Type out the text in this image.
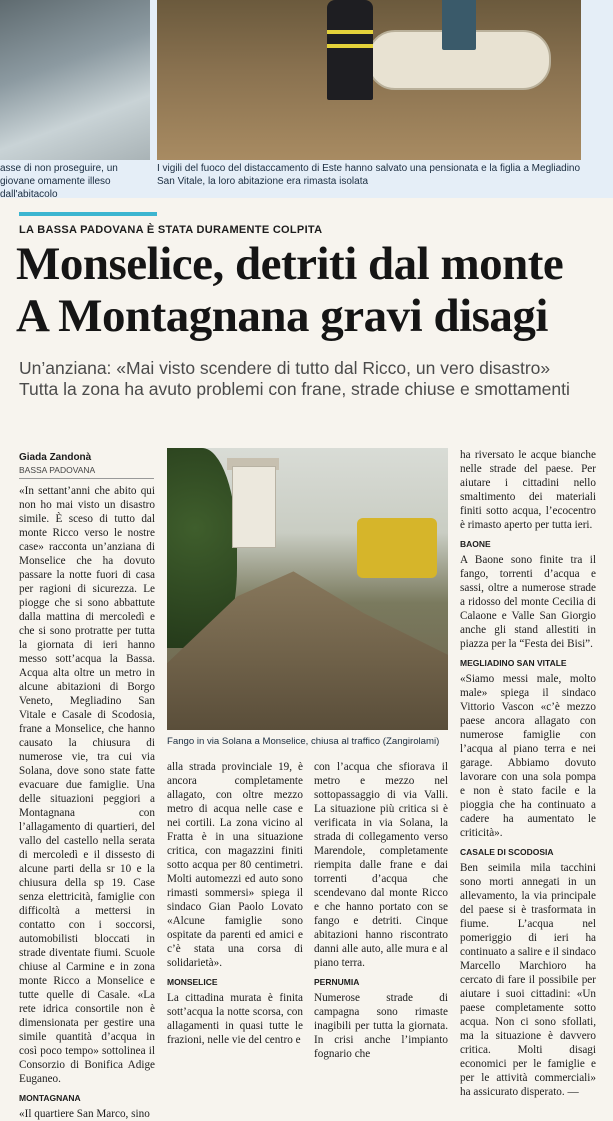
asse di non proseguire, un giovane omamente illeso dall'abitacolo
I vigili del fuoco del distaccamento di Este hanno salvato una pensionata e la figlia a Megliadino San Vitale, la loro abitazione era rimasta isolata
LA BASSA PADOVANA È STATA DURAMENTE COLPITA
Monselice, detriti dal monte
A Montagnana gravi disagi
Un’anziana: «Mai visto scendere di tutto dal Ricco, un vero disastro»
Tutta la zona ha avuto problemi con frane, strade chiuse e smottamenti
Giada Zandonà
BASSA PADOVANA

«In settant’anni che abito qui non ho mai visto un disastro simile. È sceso di tutto dal monte Ricco verso le nostre case» racconta un’anziana di Monselice che ha dovuto passare la notte fuori di casa per ragioni di sicurezza. Le piogge che si sono abbattute dalla mattina di mercoledì e che si sono protratte per tutta la giornata di ieri hanno messo sott’acqua la Bassa. Acqua alta oltre un metro in alcune abitazioni di Borgo Veneto, Megliadino San Vitale e Casale di Scodosia, frane a Monselice, che hanno causato la chiusura di numerose vie, tra cui via Solana, dove sono state fatte evacuare due famiglie. Una delle situazioni peggiori a Montagnana con l’allagamento di quartieri, del vallo del castello nella serata di mercoledì e il dissesto di alcune parti della sr 10 e la chiusura della sp 19. Case senza elettricità, famiglie con difficoltà a mettersi in contatto con i soccorsi, automobilisti bloccati in strade diventate fiumi. Scuole chiuse al Carmine e in zona monte Ricco a Monselice e tutte quelle di Casale. «La rete idrica consortile non è dimensionata per gestire una simile quantità d’acqua in così poco tempo» sottolinea il Consorzio di Bonifica Adige Euganeo.

MONTAGNANA

«Il quartiere San Marco, sino

Fango in via Solana a Monselice, chiusa al traffico (Zangirolami)

alla strada provinciale 19, è ancora completamente allagato, con oltre mezzo metro di acqua nelle case e nei cortili. La zona vicino al Fratta è in una situazione critica, con magazzini finiti sotto acqua per 80 centimetri. Molti automezzi ed auto sono rimasti sommersi» spiega il sindaco Gian Paolo Lovato «Alcune famiglie sono ospitate da parenti ed amici e c’è stata una corsa di solidarietà».

MONSELICE

La cittadina murata è finita sott’acqua la notte scorsa, con allagamenti in quasi tutte le frazioni, nelle vie del centro e

con l’acqua che sfiorava il metro e mezzo nel sottopassaggio di via Valli. La situazione più critica si è verificata in via Solana, la strada di collegamento verso Marendole, completamente riempita dalle frane e dai torrenti d’acqua che scendevano dal monte Ricco e che hanno portato con se fango e detriti. Cinque abitazioni hanno riscontrato danni alle auto, alle mura e al piano terra.

PERNUMIA

Numerose strade di campagna sono rimaste inagibili per tutta la giornata. In crisi anche l’impianto fognario che

ha riversato le acque bianche nelle strade del paese. Per aiutare i cittadini nello smaltimento dei materiali finiti sotto acqua, l’ecocentro è rimasto aperto per tutta ieri.

BAONE

A Baone sono finite tra il fango, torrenti d’acqua e sassi, oltre a numerose strade a ridosso del monte Cecilia di Calaone e Valle San Giorgio anche gli stand allestiti in piazza per la “Festa dei Bisi”.

MEGLIADINO SAN VITALE

«Siamo messi male, molto male» spiega il sindaco Vittorio Vascon «c’è mezzo paese ancora allagato con numerose famiglie con l’acqua al piano terra e nei garage. Abbiamo dovuto lavorare con una sola pompa e non è stato facile e la pioggia che ha continuato a cadere ha aumentato le criticità».

CASALE DI SCODOSIA

Ben seimila mila tacchini sono morti annegati in un allevamento, la via principale del paese si è trasformata in fiume. L’acqua nel pomeriggio di ieri ha continuato a salire e il sindaco Marcello Marchioro ha cercato di fare il possibile per aiutare i suoi cittadini: «Un paese completamente sotto acqua. Non ci sono sfollati, ma la situazione è davvero critica. Molti disagi economici per le famiglie e per le attività commerciali» ha assicurato disperato. —
